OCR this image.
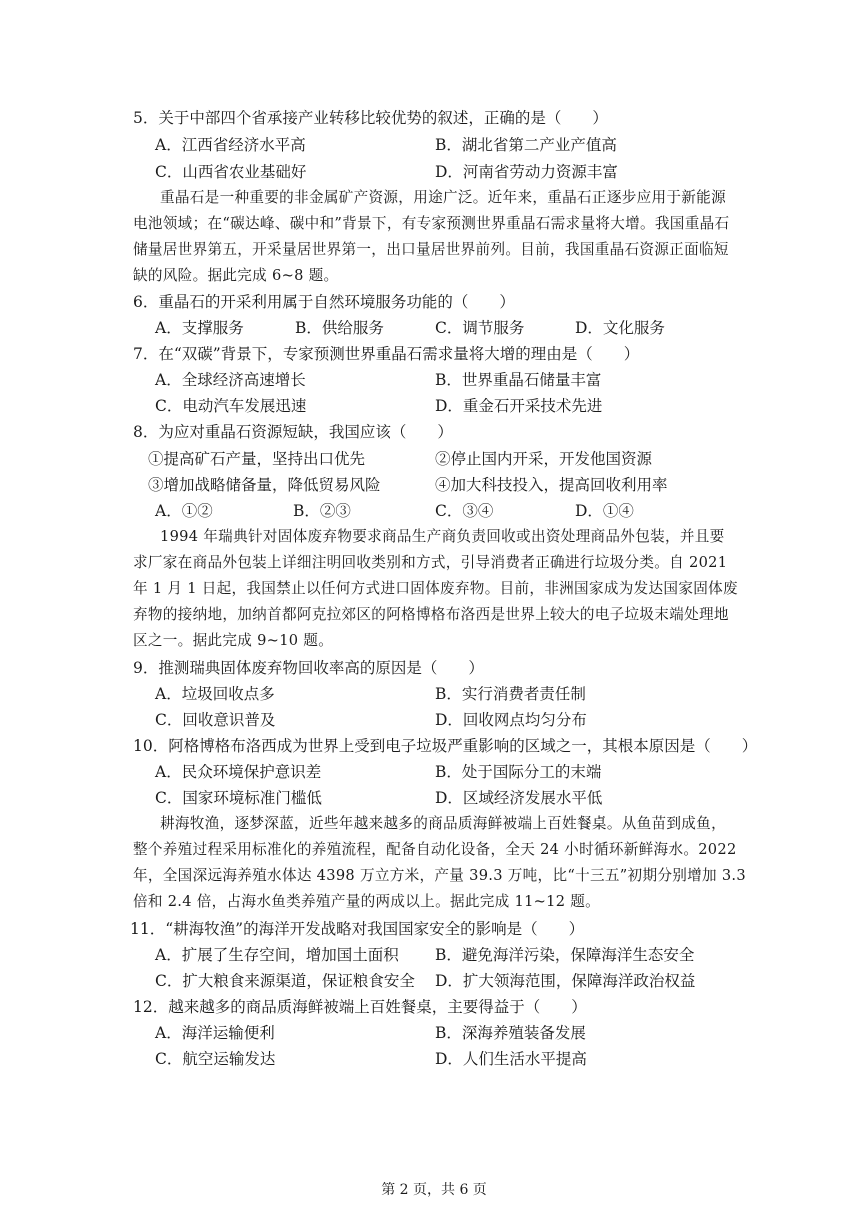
5．关于中部四个省承接产业转移比较优势的叙述，正确的是（　　）
A．江西省经济水平高	B．湖北省第二产业产值高
C．山西省农业基础好	D．河南省劳动力资源丰富
重晶石是一种重要的非金属矿产资源，用途广泛。近年来，重晶石正逐步应用于新能源
电池领域；在“碳达峰、碳中和”背景下，有专家预测世界重晶石需求量将大增。我国重晶石
储量居世界第五，开采量居世界第一，出口量居世界前列。目前，我国重晶石资源正面临短
缺的风险。据此完成 6~8 题。
6．重晶石的开采利用属于自然环境服务功能的（　　）
A．支撑服务	B．供给服务	C．调节服务	D．文化服务
7．在“双碳”背景下，专家预测世界重晶石需求量将大增的理由是（　　）
A．全球经济高速增长	B．世界重晶石储量丰富
C．电动汽车发展迅速	D．重金石开采技术先进
8．为应对重晶石资源短缺，我国应该（　　）
①提高矿石产量，坚持出口优先	②停止国内开采，开发他国资源
③增加战略储备量，降低贸易风险	④加大科技投入，提高回收利用率
A．①②	B．②③	C．③④	D．①④
1994 年瑞典针对固体废弃物要求商品生产商负责回收或出资处理商品外包装，并且要
求厂家在商品外包装上详细注明回收类别和方式，引导消费者正确进行垃圾分类。自 2021
年 1 月 1 日起，我国禁止以任何方式进口固体废弃物。目前，非洲国家成为发达国家固体废
弃物的接纳地，加纳首都阿克拉郊区的阿格博格布洛西是世界上较大的电子垃圾末端处理地
区之一。据此完成 9~10 题。
9．推测瑞典固体废弃物回收率高的原因是（　　）
A．垃圾回收点多	B．实行消费者责任制
C．回收意识普及	D．回收网点均匀分布
10．阿格博格布洛西成为世界上受到电子垃圾严重影响的区域之一，其根本原因是（　　）
A．民众环境保护意识差	B．处于国际分工的末端
C．国家环境标准门槛低	D．区域经济发展水平低
耕海牧渔，逐梦深蓝，近些年越来越多的商品质海鲜被端上百姓餐桌。从鱼苗到成鱼，
整个养殖过程采用标准化的养殖流程，配备自动化设备，全天 24 小时循环新鲜海水。2022
年，全国深远海养殖水体达 4398 万立方米，产量 39.3 万吨，比“十三五”初期分别增加 3.3
倍和 2.4 倍，占海水鱼类养殖产量的两成以上。据此完成 11~12 题。
11．“耕海牧渔”的海洋开发战略对我国国家安全的影响是（　　）
A．扩展了生存空间，增加国土面积 B．避免海洋污染，保障海洋生态安全
C．扩大粮食来源渠道，保证粮食安全 D．扩大领海范围，保障海洋政治权益
12．越来越多的商品质海鲜被端上百姓餐桌，主要得益于（　　）
A．海洋运输便利	B．深海养殖装备发展
C．航空运输发达	D．人们生活水平提高
第 2 页，共 6 页
